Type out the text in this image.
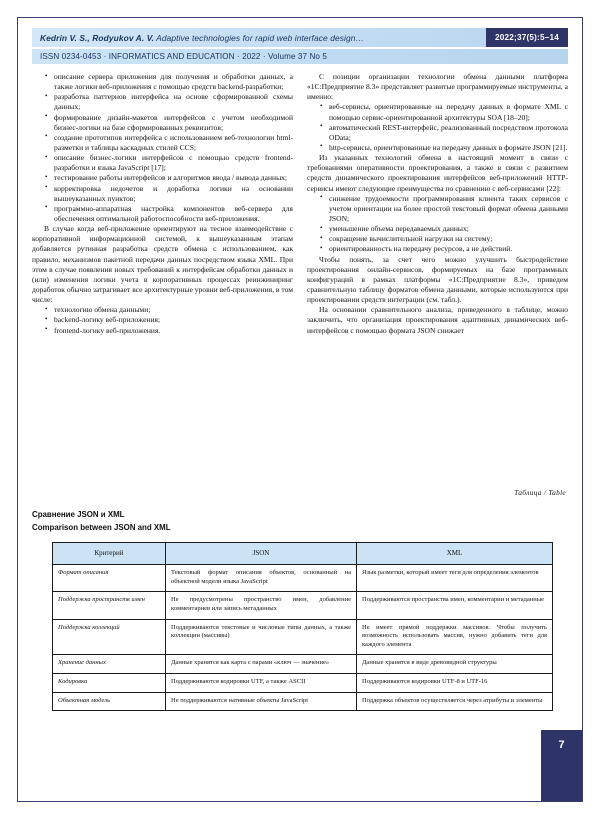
Kedrin V. S., Rodyukov A. V. Adaptive technologies for rapid web interface design…	2022;37(5):5–14
ISSN 0234-0453 · INFORMATICS AND EDUCATION · 2022 · Volume 37 No 5
• описание сервера приложения для получения и обработки данных, а также логики веб-приложения с помощью средств backend-разработки;
• разработка паттернов интерфейса на основе сформированной схемы данных;
• формирование дизайн-макетов интерфейсов с учетом необходимой бизнес-логики на базе сформированных реквизитов;
• создание прототипов интерфейса с использованием веб-технологии html-разметки и таблицы каскадных стилей CCS;
• описание бизнес-логики интерфейсов с помощью средств frontend-разработки и языка JavaScript [17];
• тестирование работы интерфейсов и алгоритмов ввода / вывода данных;
• корректировка недочетов и доработка логики на основании вышеуказанных пунктов;
• программно-аппаратная настройка компонентов веб-сервера для обеспечения оптимальной работоспособности веб-приложения.

В случае когда веб-приложение ориентируют на тесное взаимодействие с корпоративной информационной системой, к вышеуказанным этапам добавляется рутинная разработка средств обмена с использованием, как правило, механизмов пакетной передачи данных посредством языка XML. При этом в случае появления новых требований к интерфейсам обработки данных и (или) изменения логики учета в корпоративных процессах реинжиниринг доработок обычно затрагивает все архитектурные уровни веб-приложения, в том числе:

• технологию обмена данными;
• backend-логику веб-приложения;
• frontend-логику веб-приложения.

С позиции организации технологии обмена данными платформа «1С:Предприятие 8.3» представляет развитые программируемые инструменты, а именно:

• веб-сервисы, ориентированные на передачу данных в формате XML с помощью сервис-ориентированной архитектуры SOA [18–20];
• автоматический REST-интерфейс, реализованный посредством протокола OData;
• http-сервисы, ориентированные на передачу данных в формате JSON [21].

Из указанных технологий обмена в настоящий момент в связи с требованиями оперативности проектирования, а также в связи с развитием средств динамического проектирования интерфейсов веб-приложений HTTP-сервисы имеют следующие преимущества по сравнению с веб-сервисами [22]:

• снижение трудоемкости программирования клиента таких сервисов с учетом ориентации на более простой текстовый формат обмена данными JSON;
• уменьшение объема передаваемых данных;
• сокращение вычислительной нагрузки на систему;
• ориентированность на передачу ресурсов, а не действий.

Чтобы понять, за счет чего можно улучшить быстродействие проектирования онлайн-сервисов, формируемых на базе программных конфигураций в рамках платформы «1С:Предприятие 8.3», приведем сравнительную таблицу форматов обмена данными, которые используются при проектировании средств интеграции (см. табл.).

На основании сравнительного анализа, приведенного в таблице, можно заключить, что организация проектирования адаптивных динамических веб-интерфейсов с помощью формата JSON снижает

Таблица / Table
Сравнение JSON и XML
Comparison between JSON and XML
Критерий	JSON	XML
Формат описания	Текстовый формат описания объектов, основанный на объектной модели языка JavaScript	Язык разметки, который имеет теги для определения элементов
Поддержка пространств имен	Не предусмотрены пространство имен, добавление комментариев или запись метаданных	Поддерживаются пространства имен, комментарии и метаданные
Поддержка коллекций	Поддерживаются текстовые и числовые типы данных, а также коллекции (массивы)	Не имеет прямой поддержки массивов. Чтобы получить возможность использовать массив, нужно добавить теги для каждого элемента
Хранение данных	Данные хранятся как карта с парами «ключ — значение»	Данные хранятся в виде древовидной структуры
Кодировка	Поддерживаются кодировки UTF, а также ASCII	Поддерживаются кодировки UTF-8 и UTF-16
Объектная модель	Не поддерживаются нативные объекты JavaScript	Поддержка объектов осуществляется через атрибуты и элементы
7
